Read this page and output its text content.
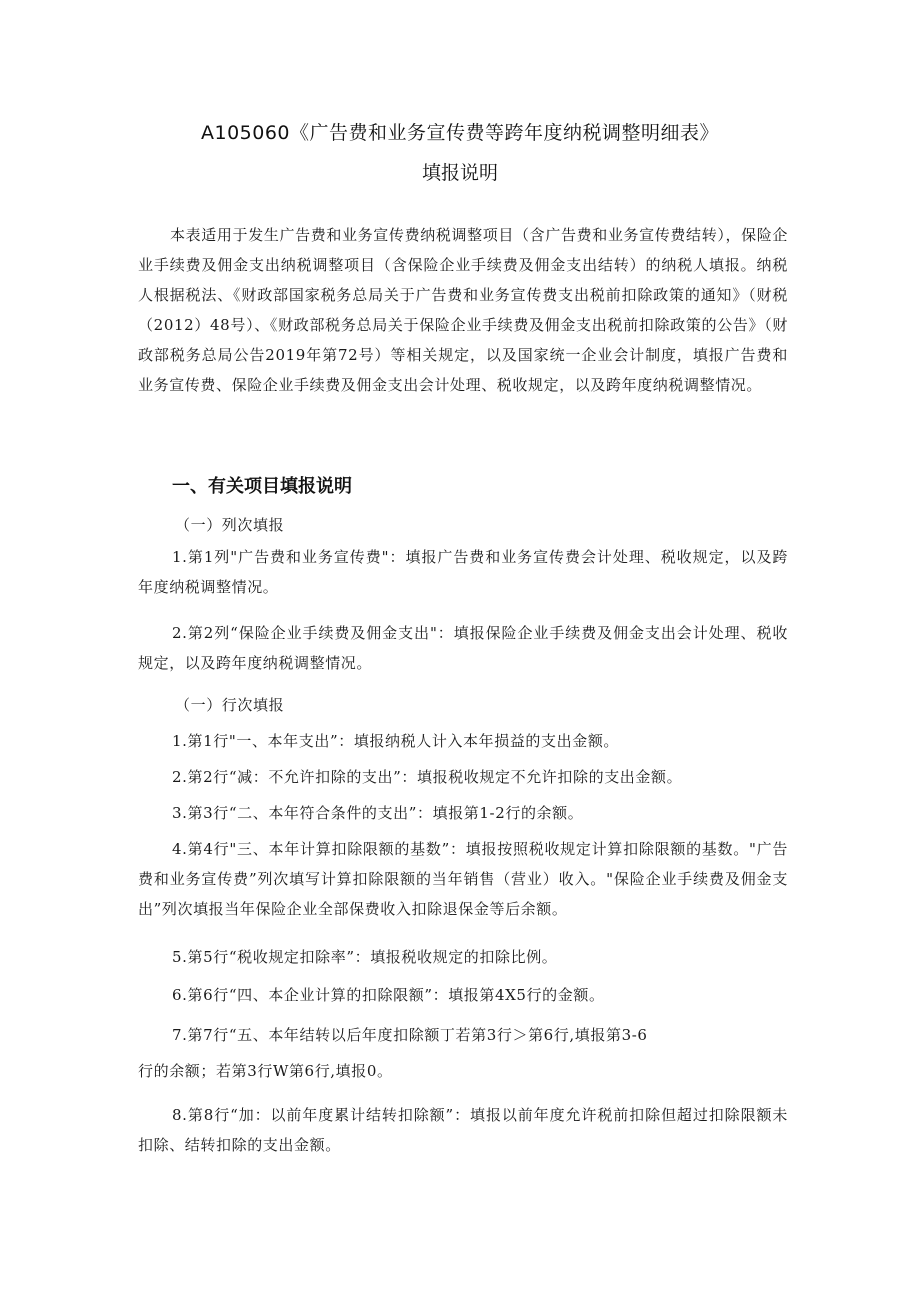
A105060《广告费和业务宣传费等跨年度纳税调整明细表》
填报说明

本表适用于发生广告费和业务宣传费纳税调整项目（含广告费和业务宣传费结转），保险企业手续费及佣金支出纳税调整项目（含保险企业手续费及佣金支出结转）的纳税人填报。纳税人根据税法、《财政部国家税务总局关于广告费和业务宣传费支出税前扣除政策的通知》（财税（2012）48号）、《财政部税务总局关于保险企业手续费及佣金支出税前扣除政策的公告》（财政部税务总局公告2019年第72号）等相关规定，以及国家统一企业会计制度，填报广告费和业务宣传费、保险企业手续费及佣金支出会计处理、税收规定，以及跨年度纳税调整情况。

一、有关项目填报说明

（一）列次填报

1.第1列"广告费和业务宣传费"：填报广告费和业务宣传费会计处理、税收规定，以及跨年度纳税调整情况。

2.第2列“保险企业手续费及佣金支出"：填报保险企业手续费及佣金支出会计处理、税收规定，以及跨年度纳税调整情况。

（一）行次填报

1.第1行"一、本年支出”：填报纳税人计入本年损益的支出金额。

2.第2行“减：不允许扣除的支出”：填报税收规定不允许扣除的支出金额。

3.第3行“二、本年符合条件的支出”：填报第1-2行的余额。

4.第4行"三、本年计算扣除限额的基数”：填报按照税收规定计算扣除限额的基数。"广告费和业务宣传费”列次填写计算扣除限额的当年销售（营业）收入。"保险企业手续费及佣金支出”列次填报当年保险企业全部保费收入扣除退保金等后余额。

5.第5行“税收规定扣除率”：填报税收规定的扣除比例。

6.第6行“四、本企业计算的扣除限额”：填报第4X5行的金额。

7.第7行“五、本年结转以后年度扣除额丁若第3行＞第6行,填报第3-6

行的余额；若第3行W第6行,填报0。

8.第8行“加：以前年度累计结转扣除额”：填报以前年度允许税前扣除但超过扣除限额未扣除、结转扣除的支出金额。
